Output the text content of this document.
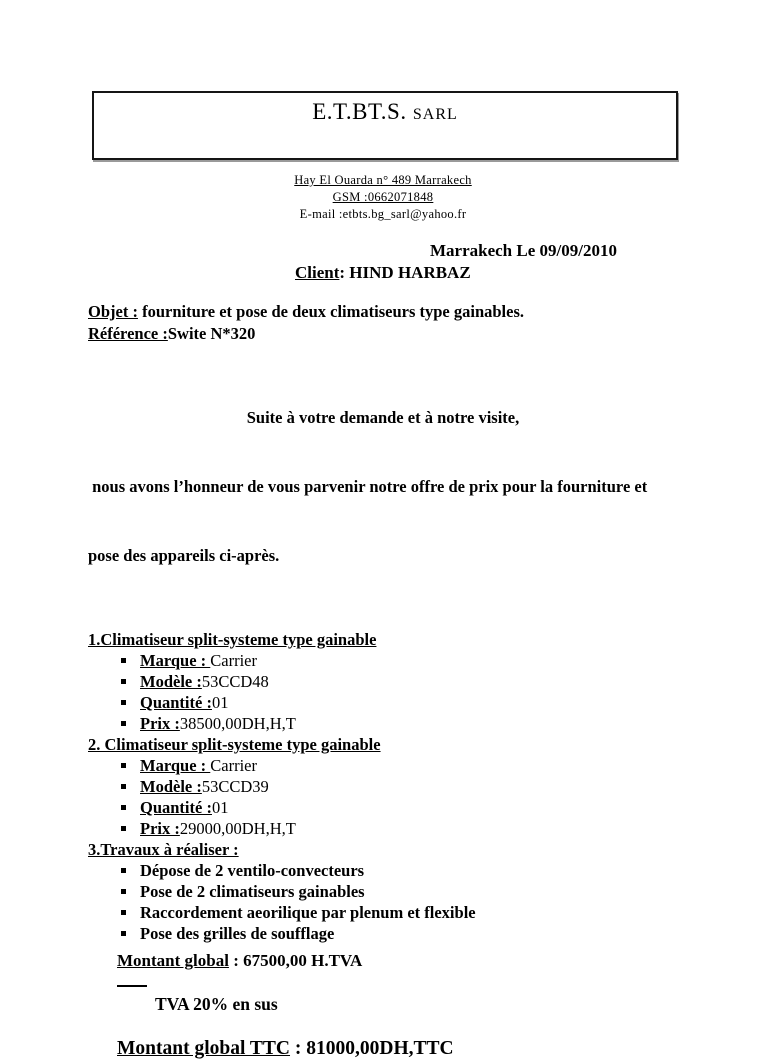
E.T.BT.S. SARL
Hay El Ouarda n° 489 Marrakech
GSM :0662071848
E-mail :etbts.bg_sarl@yahoo.fr
Marrakech Le 09/09/2010
Client: HIND HARBAZ
Objet : fourniture et pose de deux climatiseurs type gainables.
Référence :Swite N*320

Suite à votre demande et à notre visite,

nous avons l’honneur de vous parvenir notre offre de prix pour la fourniture et

pose des appareils ci-après.

1.Climatiseur split-systeme type gainable
Marque : Carrier
Modèle :53CCD48
Quantité :01
Prix :38500,00DH,H,T
2. Climatiseur split-systeme type gainable
Marque : Carrier
Modèle :53CCD39
Quantité :01
Prix :29000,00DH,H,T
3.Travaux à réaliser :
Dépose de 2 ventilo-convecteurs
Pose de 2 climatiseurs gainables
Raccordement aeorilique par plenum et flexible
Pose des grilles de soufflage
Montant global : 67500,00 H.TVA
TVA 20% en sus
Montant global TTC : 81000,00DH,TTC
